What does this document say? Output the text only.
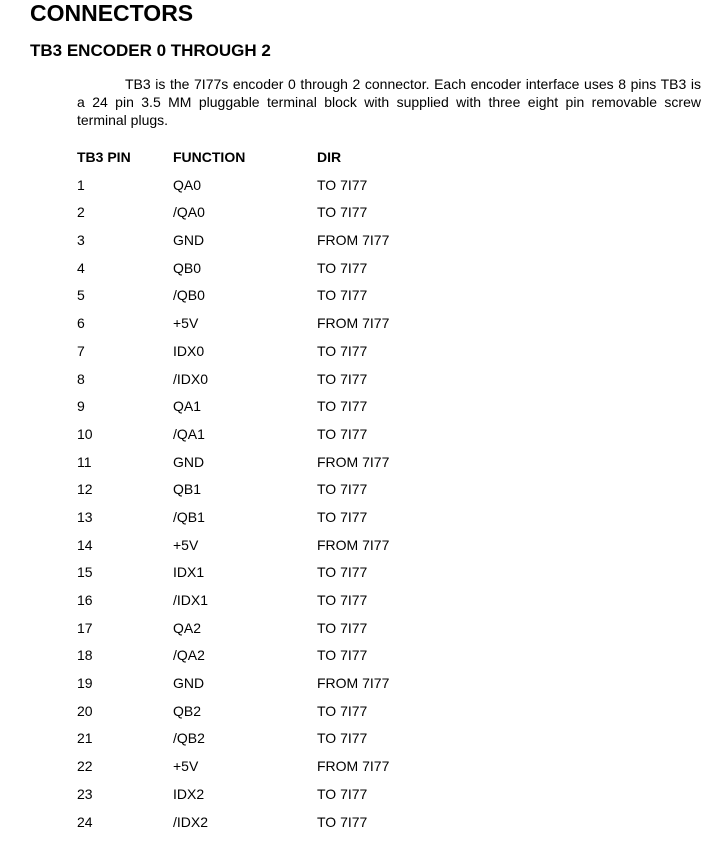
CONNECTORS
TB3 ENCODER 0 THROUGH 2

TB3 is the 7I77s encoder 0 through 2 connector. Each encoder interface uses 8 pins TB3 is a 24 pin 3.5 MM pluggable terminal block with supplied with three eight pin removable screw terminal plugs.

TB3 PIN	FUNCTION	DIR
1	QA0	TO 7I77
2	/QA0	TO 7I77
3	GND	FROM 7I77
4	QB0	TO 7I77
5	/QB0	TO 7I77
6	+5V	FROM 7I77
7	IDX0	TO 7I77
8	/IDX0	TO 7I77
9	QA1	TO 7I77
10	/QA1	TO 7I77
11	GND	FROM 7I77
12	QB1	TO 7I77
13	/QB1	TO 7I77
14	+5V	FROM 7I77
15	IDX1	TO 7I77
16	/IDX1	TO 7I77
17	QA2	TO 7I77
18	/QA2	TO 7I77
19	GND	FROM 7I77
20	QB2	TO 7I77
21	/QB2	TO 7I77
22	+5V	FROM 7I77
23	IDX2	TO 7I77
24	/IDX2	TO 7I77
